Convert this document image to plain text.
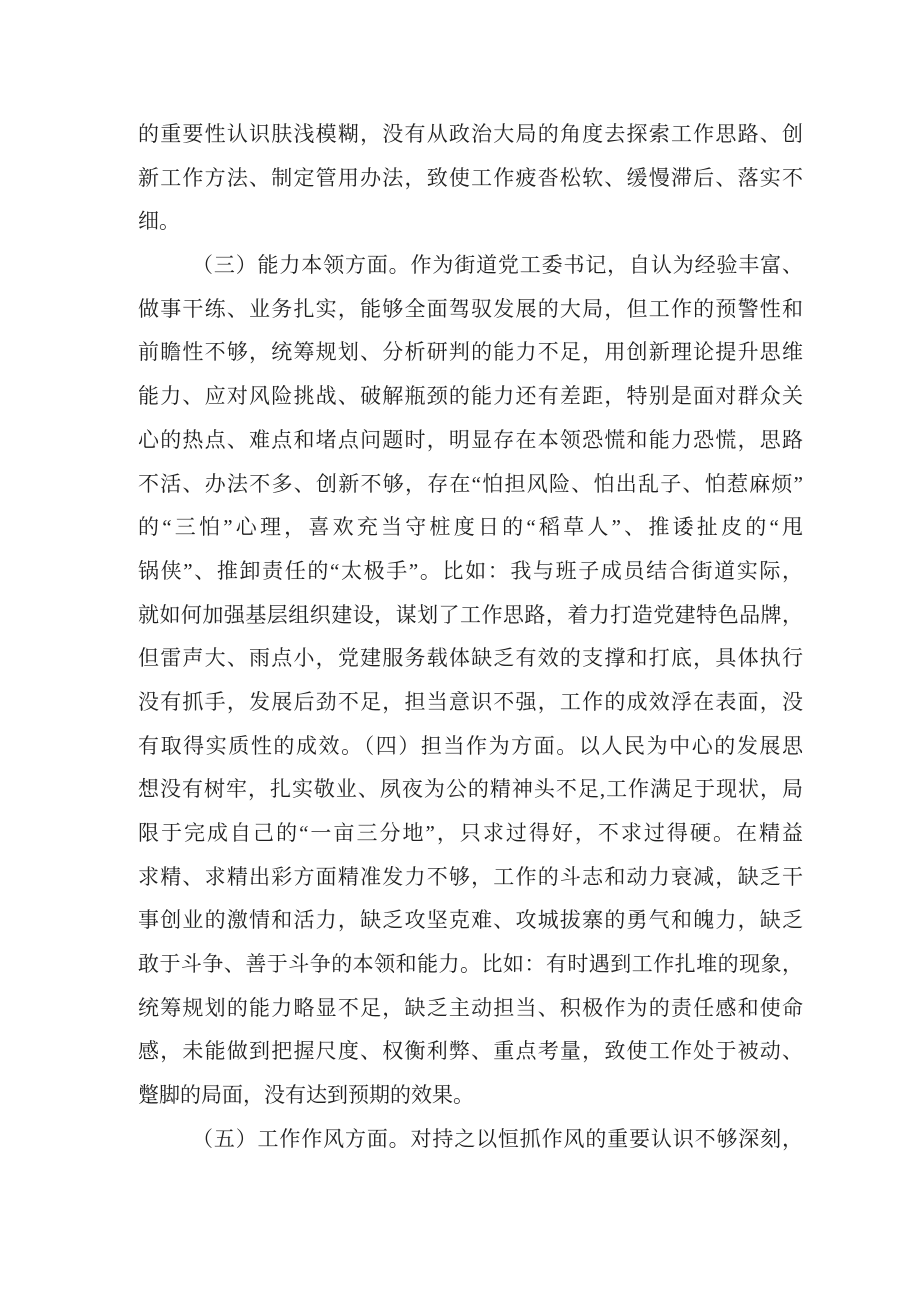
的重要性认识肤浅模糊，没有从政治大局的角度去探索工作思路、创
新工作方法、制定管用办法，致使工作疲沓松软、缓慢滞后、落实不
细。
（三）能力本领方面。作为街道党工委书记，自认为经验丰富、
做事干练、业务扎实，能够全面驾驭发展的大局，但工作的预警性和
前瞻性不够，统筹规划、分析研判的能力不足，用创新理论提升思维
能力、应对风险挑战、破解瓶颈的能力还有差距，特别是面对群众关
心的热点、难点和堵点问题时，明显存在本领恐慌和能力恐慌，思路
不活、办法不多、创新不够，存在“怕担风险、怕出乱子、怕惹麻烦”
的“三怕”心理，喜欢充当守桩度日的“稻草人”、推诿扯皮的“甩
锅侠”、推卸责任的“太极手”。比如：我与班子成员结合街道实际，
就如何加强基层组织建设，谋划了工作思路，着力打造党建特色品牌，
但雷声大、雨点小，党建服务载体缺乏有效的支撑和打底，具体执行
没有抓手，发展后劲不足，担当意识不强，工作的成效浮在表面，没
有取得实质性的成效。（四）担当作为方面。以人民为中心的发展思
想没有树牢，扎实敬业、夙夜为公的精神头不足,工作满足于现状，局
限于完成自己的“一亩三分地”，只求过得好，不求过得硬。在精益
求精、求精出彩方面精准发力不够，工作的斗志和动力衰减，缺乏干
事创业的激情和活力，缺乏攻坚克难、攻城拔寨的勇气和魄力，缺乏
敢于斗争、善于斗争的本领和能力。比如：有时遇到工作扎堆的现象，
统筹规划的能力略显不足，缺乏主动担当、积极作为的责任感和使命
感，未能做到把握尺度、权衡利弊、重点考量，致使工作处于被动、
蹩脚的局面，没有达到预期的效果。
（五）工作作风方面。对持之以恒抓作风的重要认识不够深刻，
